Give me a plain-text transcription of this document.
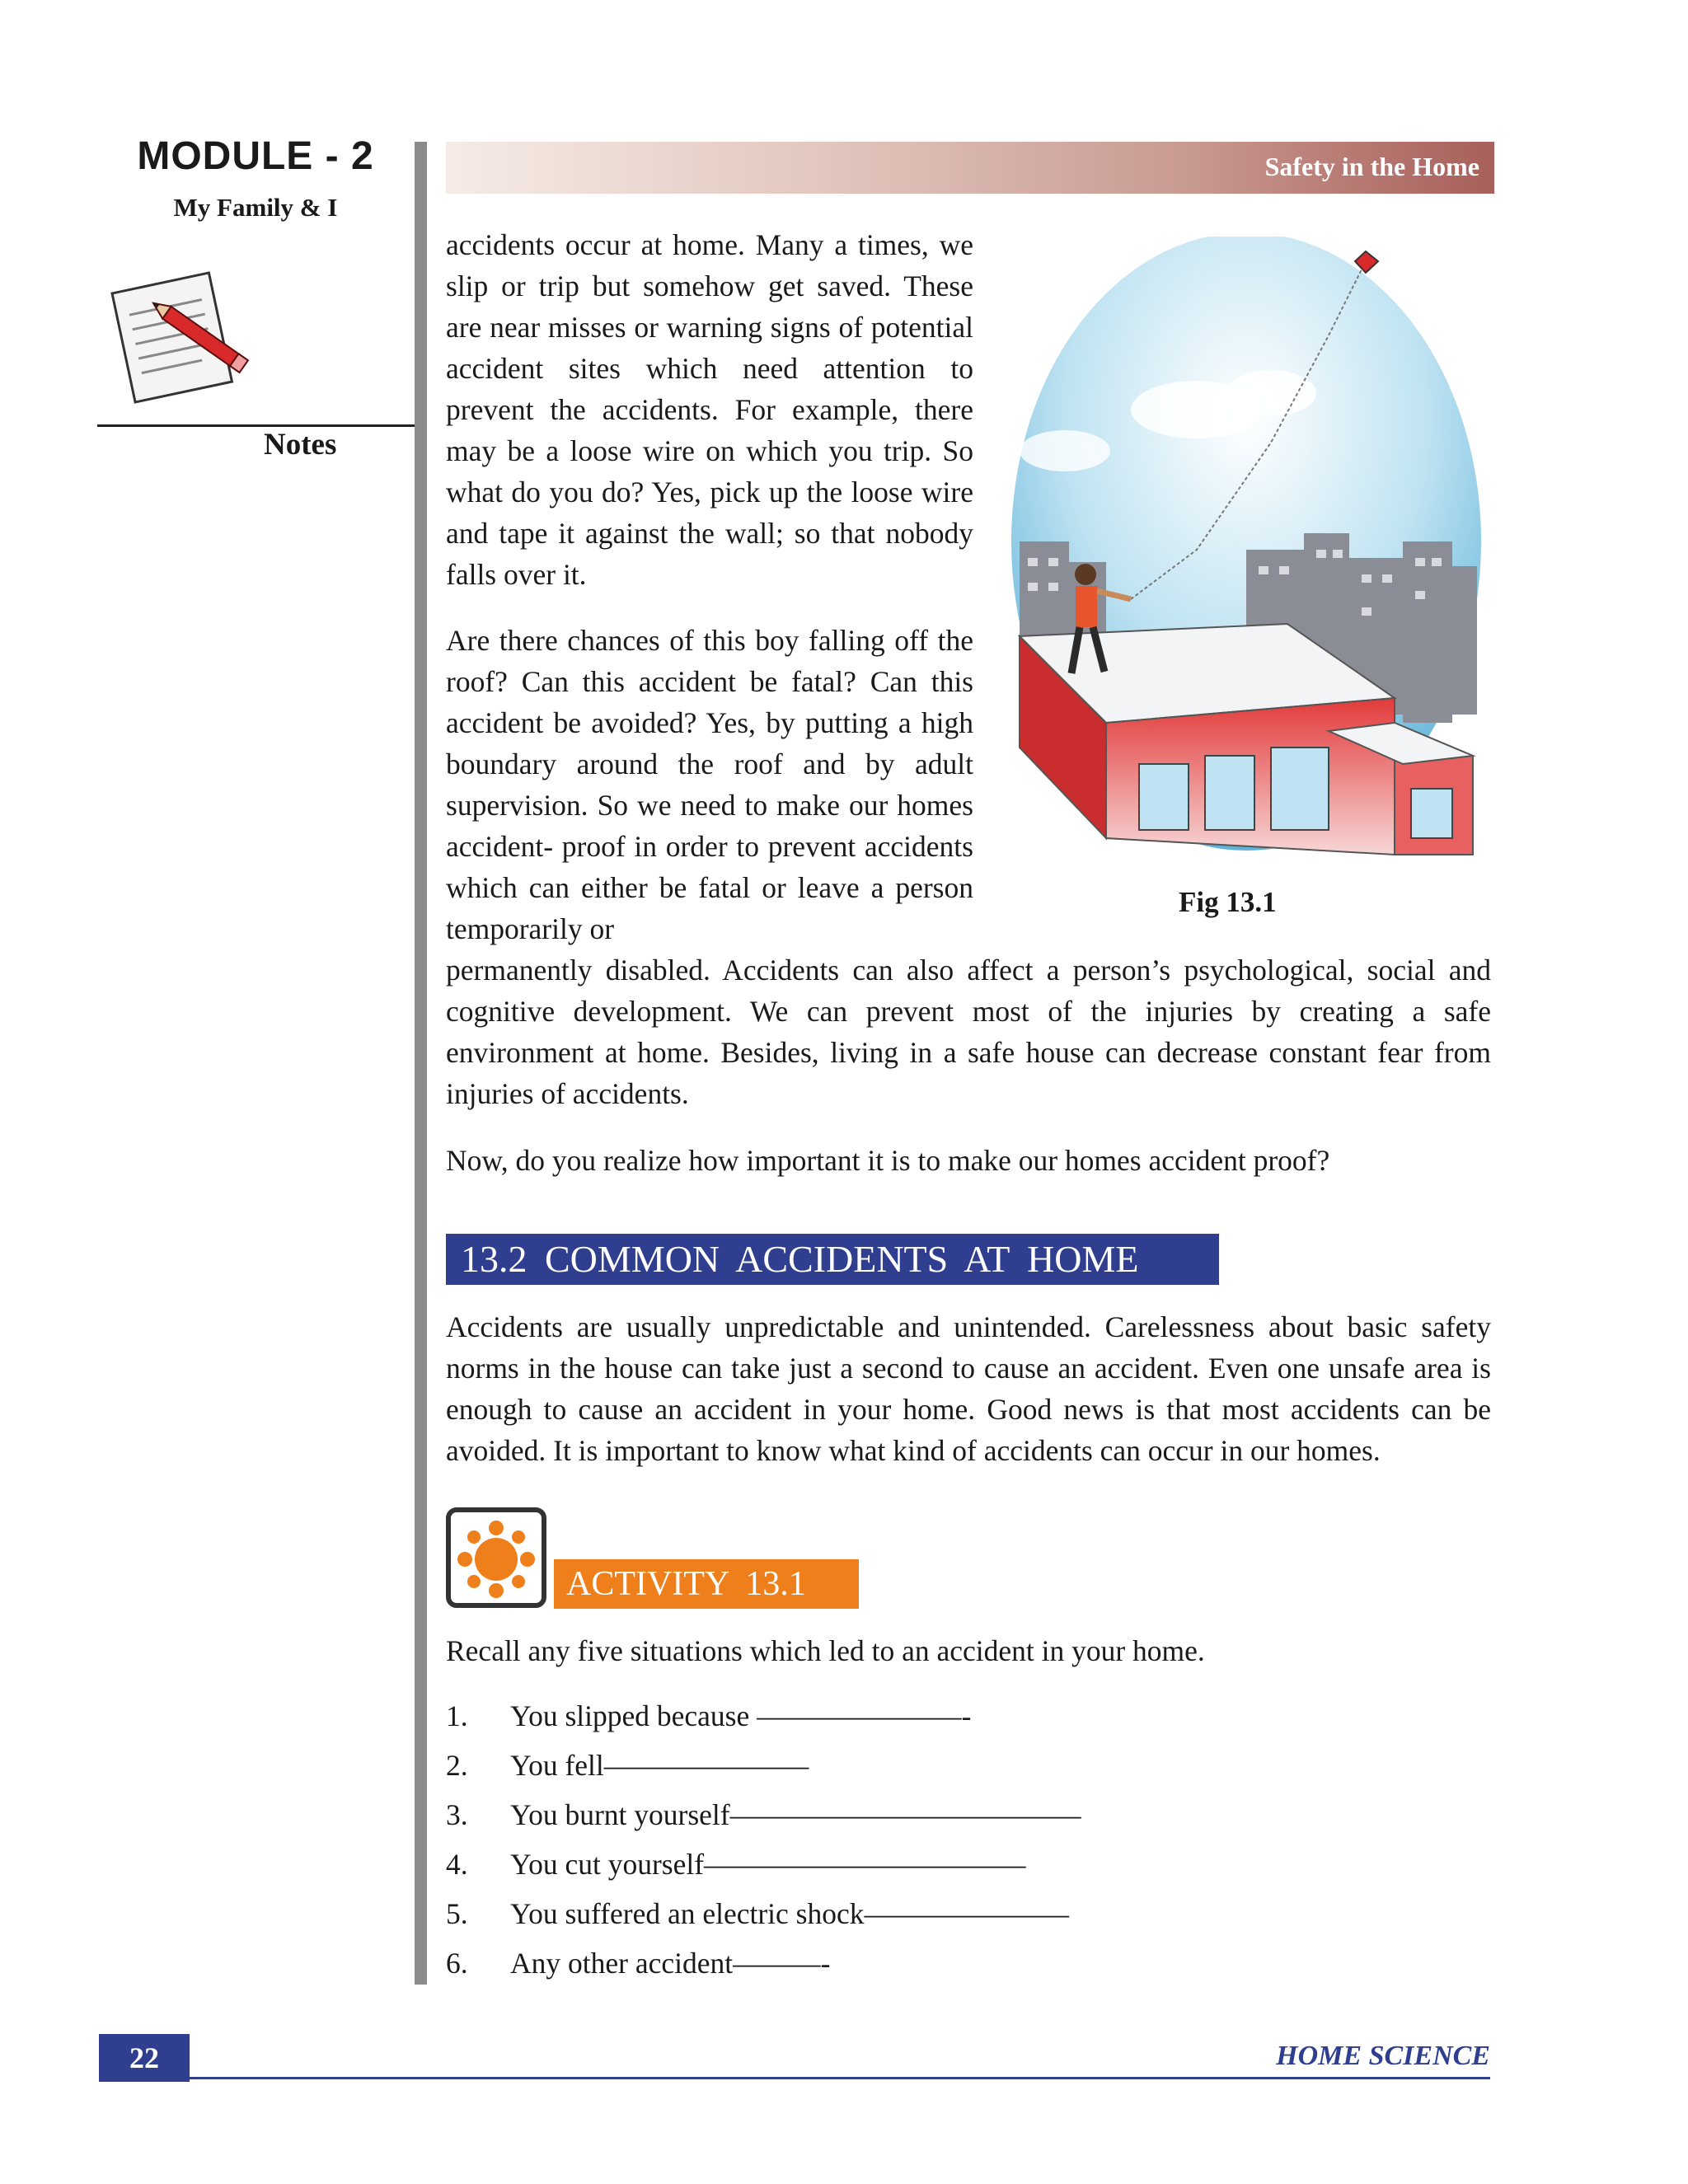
MODULE - 2
My Family & I
Notes
Safety in the Home

accidents occur at home. Many a times, we slip or trip but somehow get saved. These are near misses or warning signs of potential accident sites which need attention to prevent the accidents. For example, there may be a loose wire on which you trip. So what do you do? Yes, pick up the loose wire and tape it against the wall; so that nobody falls over it.

Are there chances of this boy falling off the roof? Can this accident be fatal? Can this accident be avoided? Yes, by putting a high boundary around the roof and by adult supervision. So we need to make our homes accident- proof in order to prevent accidents which can either be fatal or leave a person temporarily or

permanently disabled. Accidents can also affect a person’s psychological, social and cognitive development. We can prevent most of the injuries by creating a safe environment at home. Besides, living in a safe house can decrease constant fear from injuries of accidents.

Now, do you realize how important it is to make our homes accident proof?

Fig 13.1
13.2 COMMON ACCIDENTS AT HOME

Accidents are usually unpredictable and unintended. Carelessness about basic safety norms in the house can take just a second to cause an accident. Even one unsafe area is enough to cause an accident in your home. Good news is that most accidents can be avoided. It is important to know what kind of accidents can occur in our homes.

ACTIVITY 13.1

Recall any five situations which led to an accident in your home.

1.	You slipped because ———————-
2.	You fell———————
3.	You burnt yourself————————————
4.	You cut yourself———————————
5.	You suffered an electric shock———————
6.	Any other accident———-
22	HOME SCIENCE
